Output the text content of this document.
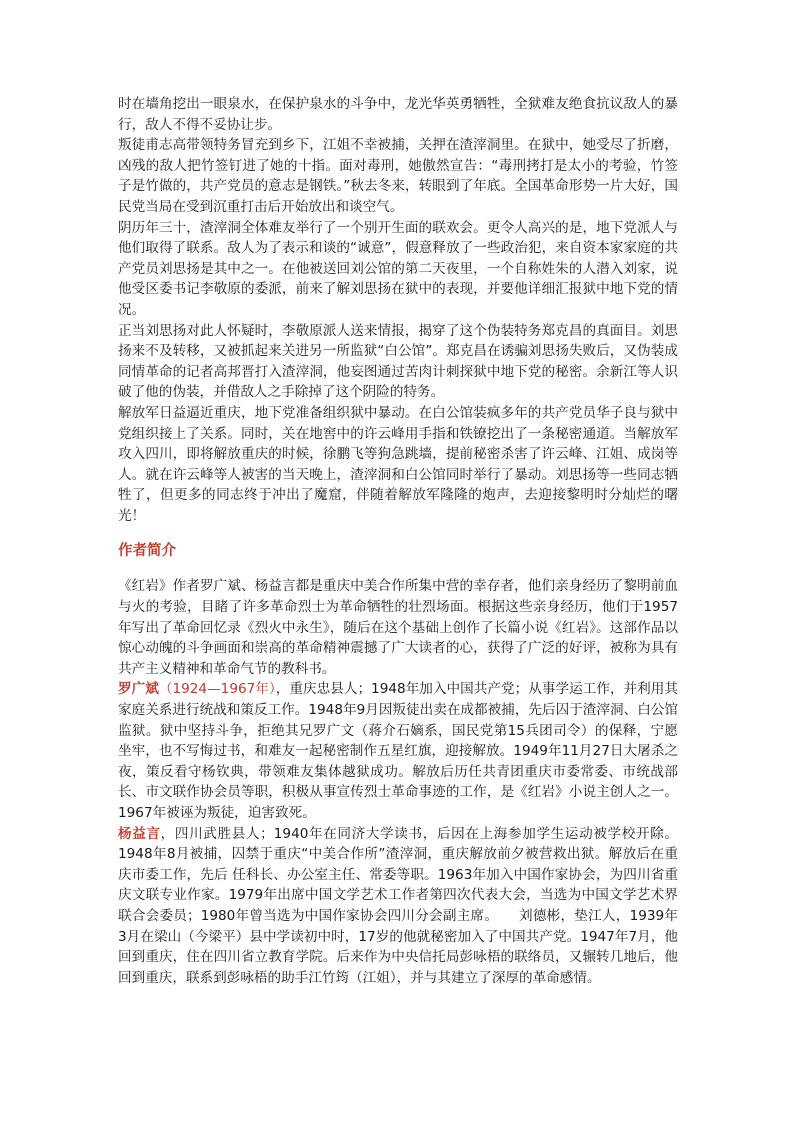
时在墙角挖出一眼泉水，在保护泉水的斗争中，龙光华英勇牺牲，全狱难友绝食抗议敌人的暴行，敌人不得不妥协让步。

叛徒甫志高带领特务冒充到乡下，江姐不幸被捕，关押在渣滓洞里。在狱中，她受尽了折磨，凶残的敌人把竹签钉进了她的十指。面对毒刑，她傲然宣告：“毒刑拷打是太小的考验，竹签子是竹做的，共产党员的意志是钢铁。”秋去冬来，转眼到了年底。全国革命形势一片大好，国民党当局在受到沉重打击后开始放出和谈空气。

阴历年三十，渣滓洞全体难友举行了一个别开生面的联欢会。更令人高兴的是，地下党派人与他们取得了联系。敌人为了表示和谈的“诚意”，假意释放了一些政治犯，来自资本家家庭的共产党员刘思扬是其中之一。在他被送回刘公馆的第二天夜里，一个自称姓朱的人潜入刘家，说他受区委书记李敬原的委派，前来了解刘思扬在狱中的表现，并要他详细汇报狱中地下党的情况。

正当刘思扬对此人怀疑时，李敬原派人送来情报，揭穿了这个伪装特务郑克昌的真面目。刘思扬来不及转移，又被抓起来关进另一所监狱“白公馆”。郑克昌在诱骗刘思扬失败后，又伪装成同情革命的记者高邦晋打入渣滓洞，他妄图通过苦肉计刺探狱中地下党的秘密。余新江等人识破了他的伪装，并借敌人之手除掉了这个阴险的特务。

解放军日益逼近重庆，地下党准备组织狱中暴动。在白公馆装疯多年的共产党员华子良与狱中党组织接上了关系。同时，关在地窖中的许云峰用手指和铁镣挖出了一条秘密通道。当解放军攻入四川，即将解放重庆的时候，徐鹏飞等狗急跳墙，提前秘密杀害了许云峰、江姐、成岗等人。就在许云峰等人被害的当天晚上，渣滓洞和白公馆同时举行了暴动。刘思扬等一些同志牺牲了，但更多的同志终于冲出了魔窟，伴随着解放军隆隆的炮声，去迎接黎明时分灿烂的曙光！

作者简介

《红岩》作者罗广斌、杨益言都是重庆中美合作所集中营的幸存者，他们亲身经历了黎明前血与火的考验，目睹了许多革命烈士为革命牺牲的壮烈场面。根据这些亲身经历，他们于1957年写出了革命回忆录《烈火中永生》，随后在这个基础上创作了长篇小说《红岩》。这部作品以惊心动魄的斗争画面和崇高的革命精神震撼了广大读者的心，获得了广泛的好评，被称为具有共产主义精神和革命气节的教科书。

罗广斌（1924—1967年），重庆忠县人；1948年加入中国共产党；从事学运工作，并利用其家庭关系进行统战和策反工作。1948年9月因叛徒出卖在成都被捕，先后囚于渣滓洞、白公馆监狱。狱中坚持斗争，拒绝其兄罗广文（蒋介石嫡系，国民党第15兵团司令）的保释，宁愿坐牢，也不写悔过书，和难友一起秘密制作五星红旗，迎接解放。1949年11月27日大屠杀之夜，策反看守杨钦典，带领难友集体越狱成功。解放后历任共青团重庆市委常委、市统战部长、市文联作协会员等职，积极从事宣传烈士革命事迹的工作，是《红岩》小说主创人之一。1967年被诬为叛徒，迫害致死。

杨益言，四川武胜县人；1940年在同济大学读书，后因在上海参加学生运动被学校开除。1948年8月被捕，囚禁于重庆“中美合作所”渣滓洞，重庆解放前夕被营救出狱。解放后在重庆市委工作，先后 任科长、办公室主任、常委等职。1963年加入中国作家协会，为四川省重庆文联专业作家。1979年出席中国文学艺术工作者第四次代表大会，当选为中国文学艺术界联合会委员；1980年曾当选为中国作家协会四川分会副主席。　　刘德彬，垫江人，1939年3月在梁山（今梁平）县中学读初中时，17岁的他就秘密加入了中国共产党。1947年7月，他回到重庆，住在四川省立教育学院。后来作为中央信托局彭咏梧的联络员，又辗转几地后，他回到重庆，联系到彭咏梧的助手江竹筠（江姐），并与其建立了深厚的革命感情。
